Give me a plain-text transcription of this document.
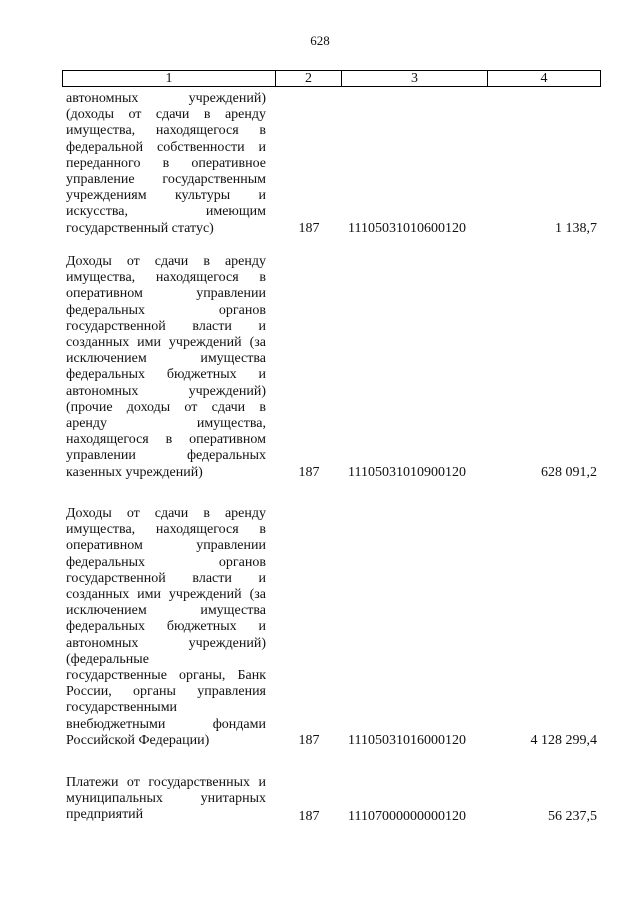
628
1	2	3	4
автономных учреждений)
(доходы от сдачи в аренду
имущества, находящегося в
федеральной собственности и
переданного в оперативное
управление государственным
учреждениям культуры и
искусства, имеющим
государственный статус)	187	11105031010600120	1 138,7
Доходы от сдачи в аренду
имущества, находящегося в
оперативном управлении
федеральных органов
государственной власти и
созданных ими учреждений (за
исключением имущества
федеральных бюджетных и
автономных учреждений)
(прочие доходы от сдачи в
аренду имущества,
находящегося в оперативном
управлении федеральных
казенных учреждений)	187	11105031010900120	628 091,2
Доходы от сдачи в аренду
имущества, находящегося в
оперативном управлении
федеральных органов
государственной власти и
созданных ими учреждений (за
исключением имущества
федеральных бюджетных и
автономных учреждений)
(федеральные
государственные органы, Банк
России, органы управления
государственными
внебюджетными фондами
Российской Федерации)	187	11105031016000120	4 128 299,4
Платежи от государственных и
муниципальных унитарных
предприятий	187	11107000000000120	56 237,5
